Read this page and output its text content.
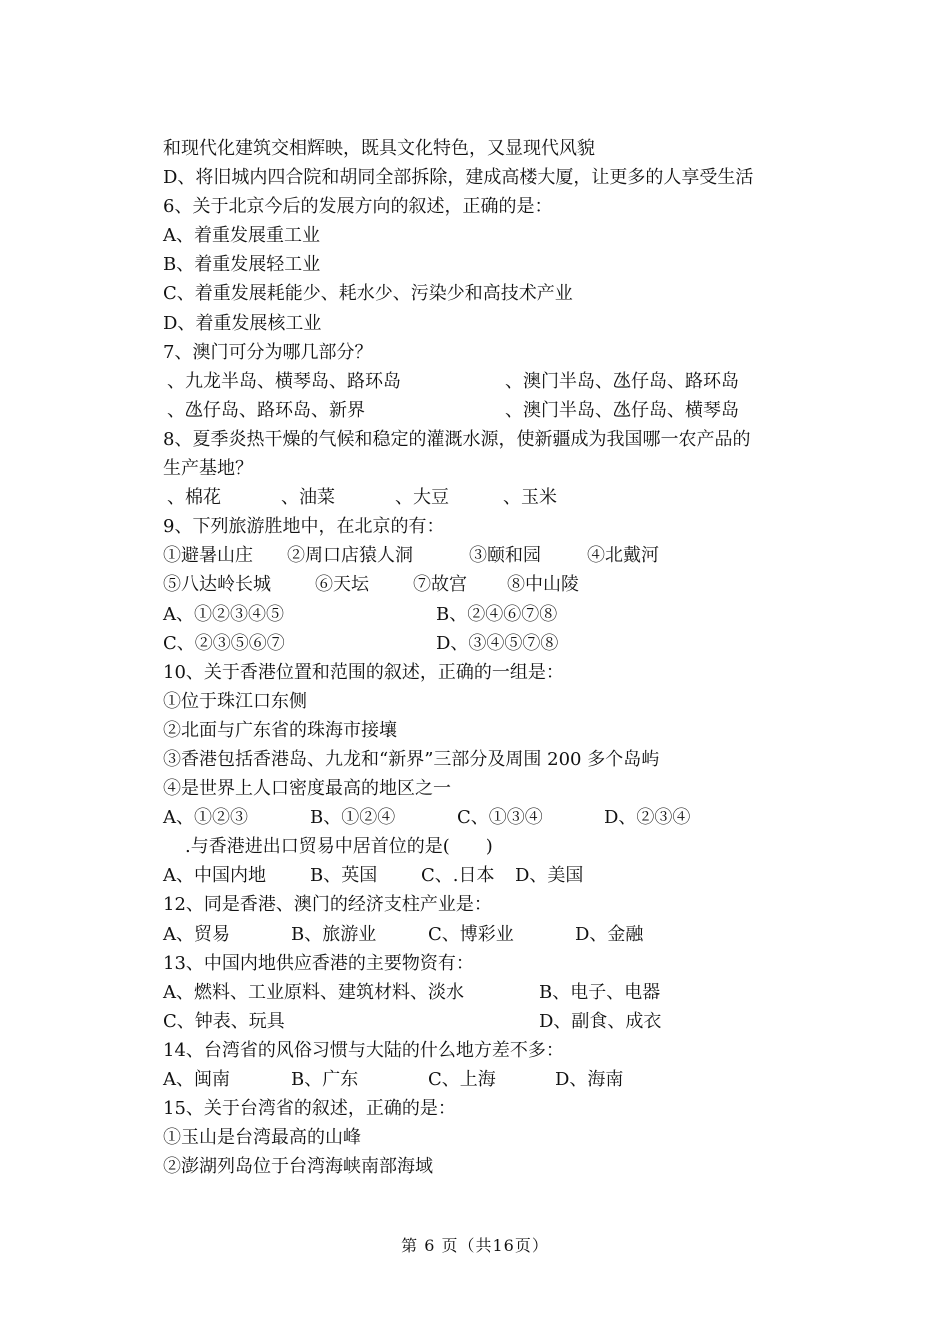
和现代化建筑交相辉映，既具文化特色，又显现代风貌
D、将旧城内四合院和胡同全部拆除，建成高楼大厦，让更多的人享受生活
6、关于北京今后的发展方向的叙述，正确的是：
A、着重发展重工业
B、着重发展轻工业
C、着重发展耗能少、耗水少、污染少和高技术产业
D、着重发展核工业
7、澳门可分为哪几部分？
、九龙半岛、横琴岛、路环岛	、澳门半岛、氹仔岛、路环岛
、氹仔岛、路环岛、新界	、澳门半岛、氹仔岛、横琴岛
8、夏季炎热干燥的气候和稳定的灌溉水源，使新疆成为我国哪一农产品的
生产基地？
、棉花	、油菜	、大豆	、玉米
9、下列旅游胜地中，在北京的有：
①避暑山庄 ②周口店猿人洞	③颐和园	④北戴河
⑤八达岭长城 ⑥天坛 ⑦故宫 ⑧中山陵
A、①②③④⑤	B、②④⑥⑦⑧
C、②③⑤⑥⑦	D、③④⑤⑦⑧
10、关于香港位置和范围的叙述，正确的一组是：
①位于珠江口东侧
②北面与广东省的珠海市接壤
③香港包括香港岛、九龙和“新界”三部分及周围 200 多个岛屿
④是世界上人口密度最高的地区之一
A、①②③	B、①②④	C、①③④	D、②③④
.与香港进出口贸易中居首位的是(　　)
A、中国内地 B、英国 C、.日本 D、美国
12、同是香港、澳门的经济支柱产业是：
A、贸易	B、旅游业	C、博彩业	D、金融
13、中国内地供应香港的主要物资有：
A、燃料、工业原料、建筑材料、淡水	B、电子、电器
C、钟表、玩具	D、副食、成衣
14、台湾省的风俗习惯与大陆的什么地方差不多：
A、闽南	B、广东	C、上海	D、海南
15、关于台湾省的叙述，正确的是：
①玉山是台湾最高的山峰
②澎湖列岛位于台湾海峡南部海域
第 6 页（共16页）
